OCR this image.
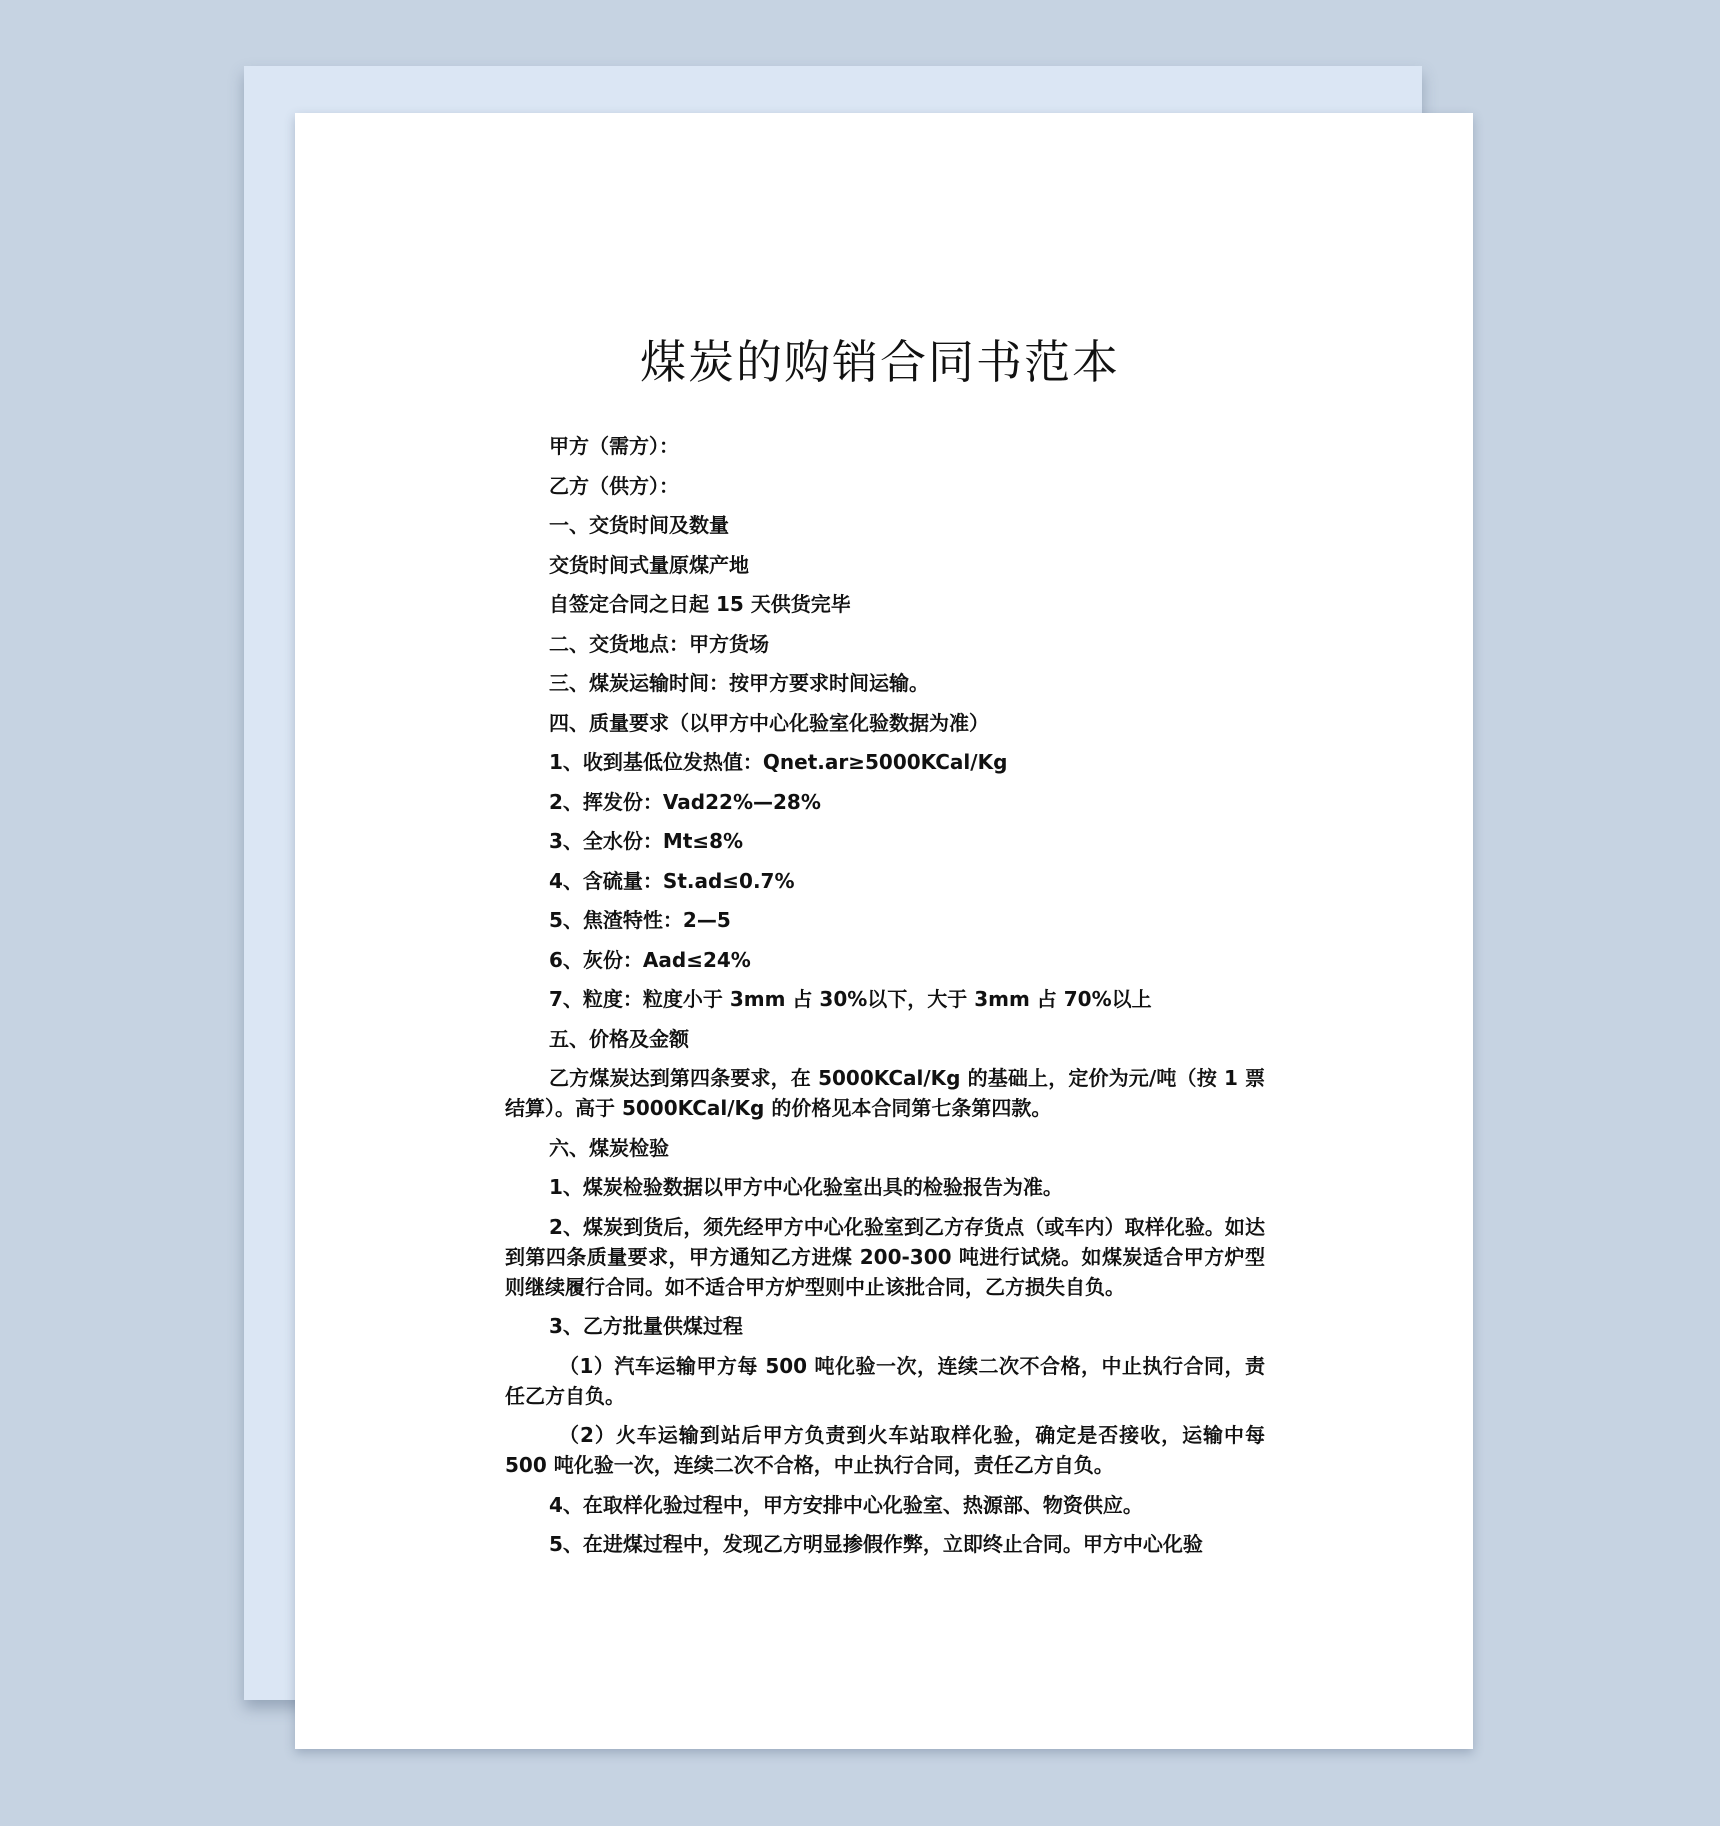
煤炭的购销合同书范本

甲方（需方）：

乙方（供方）：

一、交货时间及数量

交货时间式量原煤产地

自签定合同之日起 15 天供货完毕

二、交货地点：甲方货场

三、煤炭运输时间：按甲方要求时间运输。

四、质量要求（以甲方中心化验室化验数据为准）

1、收到基低位发热值：Qnet.ar≥5000KCal/Kg

2、挥发份：Vad22%—28%

3、全水份：Mt≤8%

4、含硫量：St.ad≤0.7%

5、焦渣特性：2—5

6、灰份：Aad≤24%

7、粒度：粒度小于 3mm 占 30%以下，大于 3mm 占 70%以上

五、价格及金额

乙方煤炭达到第四条要求，在 5000KCal/Kg 的基础上，定价为元/吨（按 1 票结算）。高于 5000KCal/Kg 的价格见本合同第七条第四款。

六、煤炭检验

1、煤炭检验数据以甲方中心化验室出具的检验报告为准。

2、煤炭到货后，须先经甲方中心化验室到乙方存货点（或车内）取样化验。如达到第四条质量要求，甲方通知乙方进煤 200-300 吨进行试烧。如煤炭适合甲方炉型则继续履行合同。如不适合甲方炉型则中止该批合同，乙方损失自负。

3、乙方批量供煤过程

（1）汽车运输甲方每 500 吨化验一次，连续二次不合格，中止执行合同，责任乙方自负。

（2）火车运输到站后甲方负责到火车站取样化验，确定是否接收，运输中每 500 吨化验一次，连续二次不合格，中止执行合同，责任乙方自负。

4、在取样化验过程中，甲方安排中心化验室、热源部、物资供应。

5、在进煤过程中，发现乙方明显掺假作弊，立即终止合同。甲方中心化验
